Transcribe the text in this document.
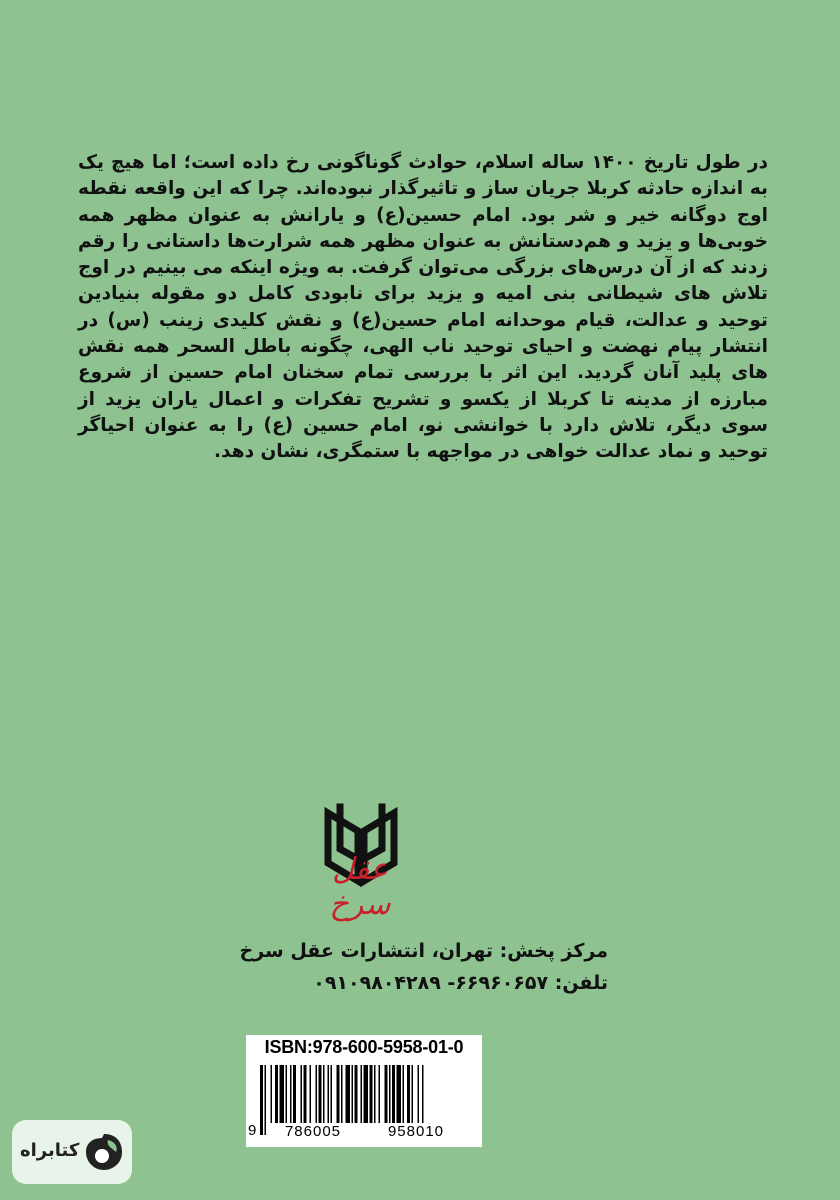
در طول تاریخ ۱۴۰۰ ساله اسلام، حوادث گوناگونی رخ داده است؛ اما هیچ یک به اندازه حادثه کربلا جریان ساز و تاثیرگذار نبوده‌اند. چرا که این واقعه نقطه اوج دوگانه خیر و شر بود. امام حسین(ع) و یارانش به عنوان مظهر همه خوبی‌ها و یزید و هم‌دستانش به عنوان مظهر همه شرارت‌ها داستانی را رقم زدند که از آن درس‌های بزرگی می‌توان گرفت. به ویژه اینکه می بینیم در اوج تلاش های شیطانی بنی امیه و یزید برای نابودی کامل دو مقوله بنیادین توحید و عدالت، قیام موحدانه امام حسین(ع) و نقش کلیدی زینب (س) در انتشار پیام نهضت و احیای توحید ناب الهی، چگونه باطل السحر همه نقش های پلید آنان گردید. این اثر با بررسی تمام سخنان امام حسین از شروع مبارزه از مدینه تا کربلا از یکسو و تشریح تفکرات و اعمال یاران یزید از سوی دیگر، تلاش دارد با خوانشی نو، امام حسین (ع) را به عنوان احیاگر توحید و نماد عدالت خواهی در مواجهه با ستمگری، نشان دهد.

عقل سرخ
مرکز پخش: تهران، انتشارات عقل سرخ
تلفن: ۶۶۹۶۰۶۵۷- ۰۹۱۰۹۸۰۴۲۸۹
ISBN:978-600-5958-01-0
9	786005	958010
کتابراه
